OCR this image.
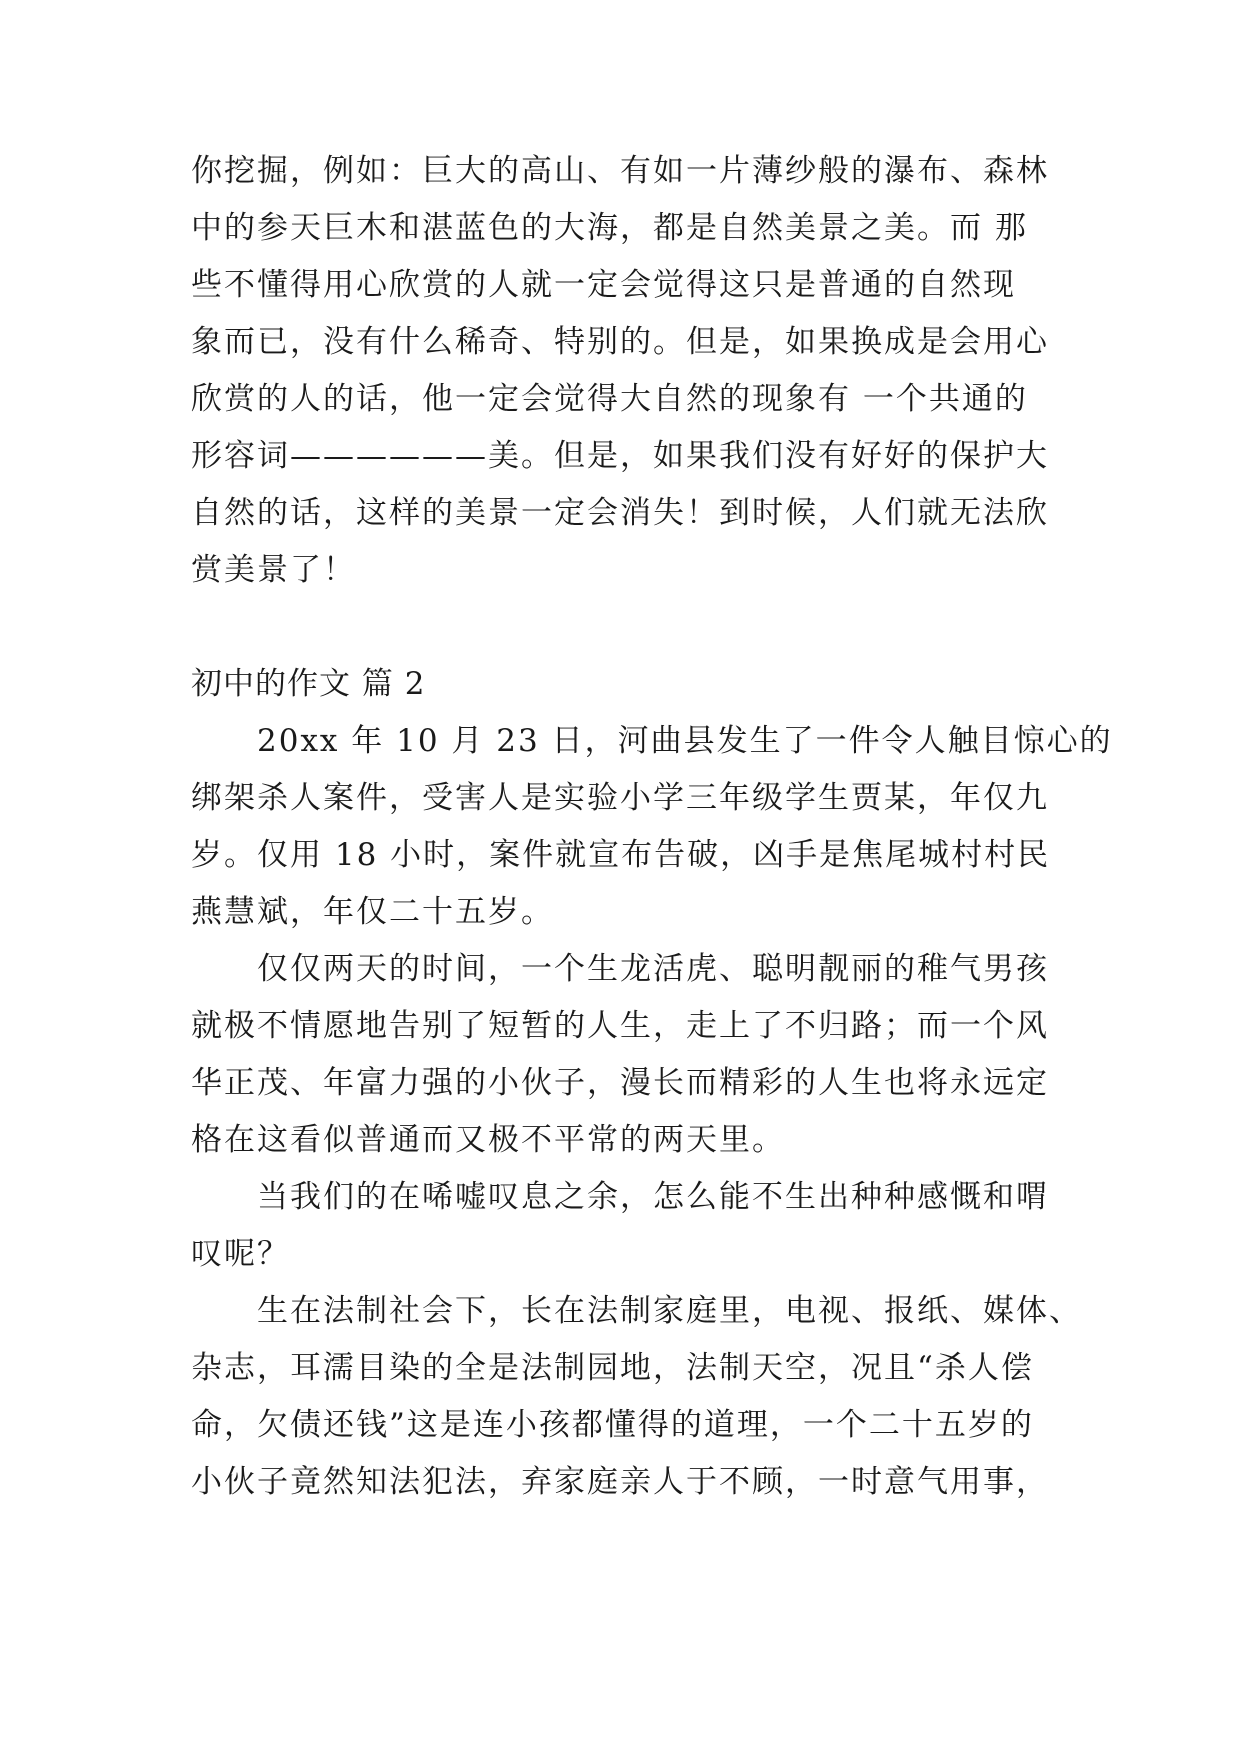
你挖掘，例如：巨大的高山、有如一片薄纱般的瀑布、森林
中的参天巨木和湛蓝色的大海，都是自然美景之美。而 那
些不懂得用心欣赏的人就一定会觉得这只是普通的自然现
象而已，没有什么稀奇、特别的。但是，如果换成是会用心
欣赏的人的话，他一定会觉得大自然的现象有 一个共通的
形容词——————美。但是，如果我们没有好好的保护大
自然的话，这样的美景一定会消失！到时候，人们就无法欣
赏美景了！
初中的作文 篇 2
　　20xx 年 10 月 23 日，河曲县发生了一件令人触目惊心的
绑架杀人案件，受害人是实验小学三年级学生贾某，年仅九
岁。仅用 18 小时，案件就宣布告破，凶手是焦尾城村村民
燕慧斌，年仅二十五岁。
　　仅仅两天的时间，一个生龙活虎、聪明靓丽的稚气男孩
就极不情愿地告别了短暂的人生，走上了不归路；而一个风
华正茂、年富力强的小伙子，漫长而精彩的人生也将永远定
格在这看似普通而又极不平常的两天里。
　　当我们的在唏嘘叹息之余，怎么能不生出种种感慨和喟
叹呢？
　　生在法制社会下，长在法制家庭里，电视、报纸、媒体、
杂志，耳濡目染的全是法制园地，法制天空，况且“杀人偿
命，欠债还钱”这是连小孩都懂得的道理，一个二十五岁的
小伙子竟然知法犯法，弃家庭亲人于不顾，一时意气用事，
